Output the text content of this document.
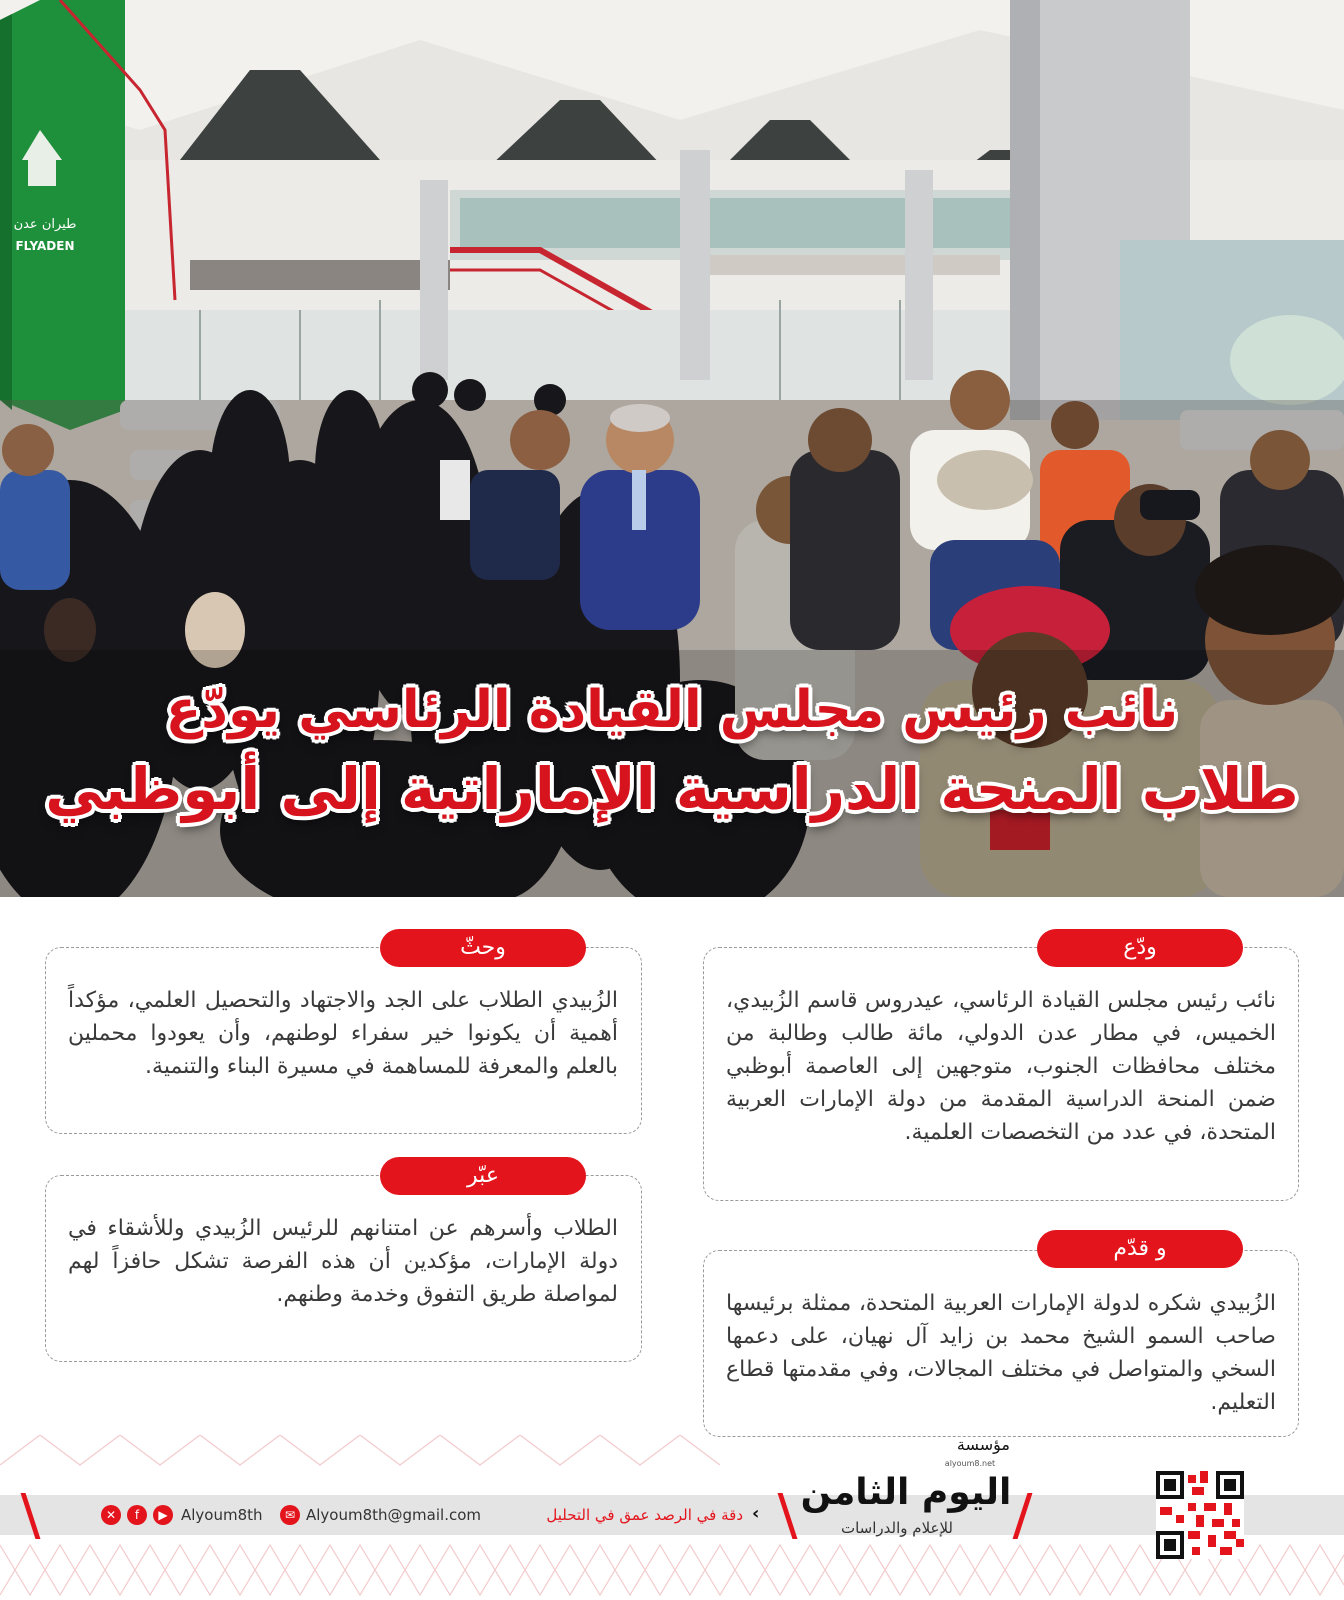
طيران عدن
FLYADEN
نائب رئيس مجلس القيادة الرئاسي يودّع
طلاب المنحة الدراسية الإماراتية إلى أبوظبي

نائب رئيس مجلس القيادة الرئاسي، عيدروس قاسم الزُبيدي، الخميس، في مطار عدن الدولي، مائة طالب وطالبة من مختلف محافظات الجنوب، متوجهين إلى العاصمة أبوظبي ضمن المنحة الدراسية المقدمة من دولة الإمارات العربية المتحدة، في عدد من التخصصات العلمية.

ودّع

الزُبيدي الطلاب على الجد والاجتهاد والتحصيل العلمي، مؤكداً أهمية أن يكونوا خير سفراء لوطنهم، وأن يعودوا محملين بالعلم والمعرفة للمساهمة في مسيرة البناء والتنمية.

وحثّ

الطلاب وأسرهم عن امتنانهم للرئيس الزُبيدي وللأشقاء في دولة الإمارات، مؤكدين أن هذه الفرصة تشكل حافزاً لهم لمواصلة طريق التفوق وخدمة وطنهم.

عبّر

الزُبيدي شكره لدولة الإمارات العربية المتحدة، ممثلة برئيسها صاحب السمو الشيخ محمد بن زايد آل نهيان، على دعمها السخي والمتواصل في مختلف المجالات، وفي مقدمتها قطاع التعليم.

و قدّم
✕	f	▶ Alyoum8th	✉ Alyoum8th@gmail.com	دقة في الرصد عمق في التحليل ‹
مؤسسة
alyoum8.net
اليوم الثامن
للإعلام والدراسات
